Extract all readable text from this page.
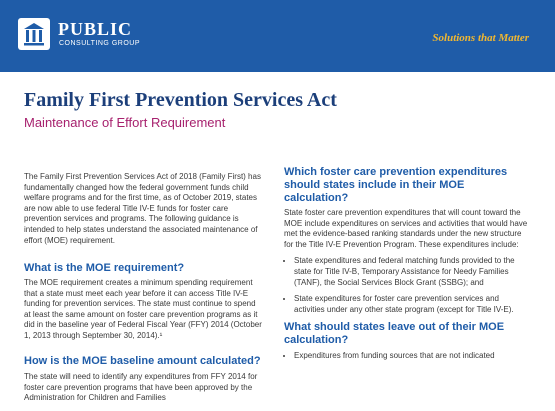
PUBLIC
CONSULTING GROUP	Solutions that Matter
Family First Prevention Services Act
Maintenance of Effort Requirement

The Family First Prevention Services Act of 2018 (Family First) has fundamentally changed how the federal government funds child welfare programs and for the first time, as of October 2019, states are now able to use federal Title IV-E funds for foster care prevention services and programs. The following guidance is intended to help states understand the associated maintenance of effort (MOE) requirement.

What is the MOE requirement?

The MOE requirement creates a minimum spending requirement that a state must meet each year before it can access Title IV-E funding for prevention services. The state must continue to spend at least the same amount on foster care prevention programs as it did in the baseline year of Federal Fiscal Year (FFY) 2014 (October 1, 2013 through September 30, 2014).¹

How is the MOE baseline amount calculated?

The state will need to identify any expenditures from FFY 2014 for foster care prevention programs that have been approved by the Administration for Children and Families

Which foster care prevention expenditures should states include in their MOE calculation?

State foster care prevention expenditures that will count toward the MOE include expenditures on services and activities that would have met the evidence-based ranking standards under the new structure for the Title IV-E Prevention Program. These expenditures include:

• State expenditures and federal matching funds provided to the state for Title IV-B, Temporary Assistance for Needy Families (TANF), the Social Services Block Grant (SSBG); and
• State expenditures for foster care prevention services and activities under any other state program (except for Title IV-E).
What should states leave out of their MOE calculation?
• Expenditures from funding sources that are not indicated
